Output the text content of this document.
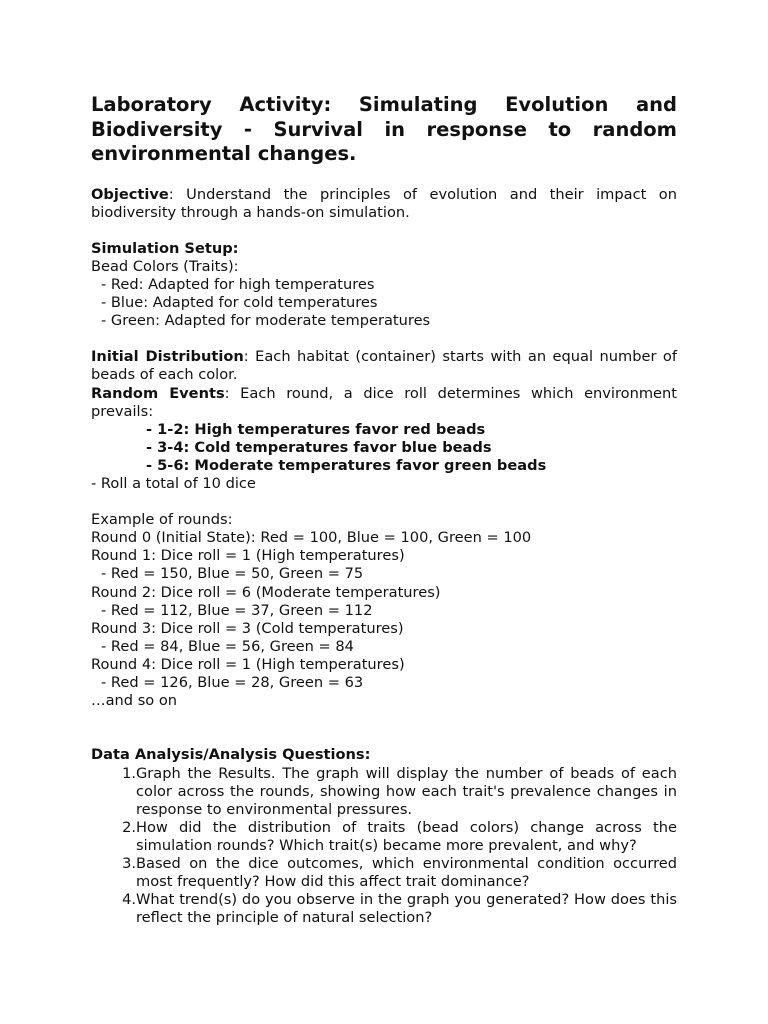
Laboratory Activity: Simulating Evolution and Biodiversity - Survival in response to random environmental changes.

Objective: Understand the principles of evolution and their impact on biodiversity through a hands-on simulation.

Simulation Setup:

Bead Colors (Traits):

- Red: Adapted for high temperatures

- Blue: Adapted for cold temperatures

- Green: Adapted for moderate temperatures

Initial Distribution: Each habitat (container) starts with an equal number of beads of each color.

Random Events: Each round, a dice roll determines which environment prevails:

- 1-2: High temperatures favor red beads

- 3-4: Cold temperatures favor blue beads

- 5-6: Moderate temperatures favor green beads

- Roll a total of 10 dice

Example of rounds:

Round 0 (Initial State): Red = 100, Blue = 100, Green = 100

Round 1: Dice roll = 1 (High temperatures)

- Red = 150, Blue = 50, Green = 75

Round 2: Dice roll = 6 (Moderate temperatures)

- Red = 112, Blue = 37, Green = 112

Round 3: Dice roll = 3 (Cold temperatures)

- Red = 84, Blue = 56, Green = 84

Round 4: Dice roll = 1 (High temperatures)

- Red = 126, Blue = 28, Green = 63

…and so on

Data Analysis/Analysis Questions:

1. Graph the Results. The graph will display the number of beads of each color across the rounds, showing how each trait's prevalence changes in response to environmental pressures.
2. How did the distribution of traits (bead colors) change across the simulation rounds? Which trait(s) became more prevalent, and why?
3. Based on the dice outcomes, which environmental condition occurred most frequently? How did this affect trait dominance?
4. What trend(s) do you observe in the graph you generated? How does this reflect the principle of natural selection?
